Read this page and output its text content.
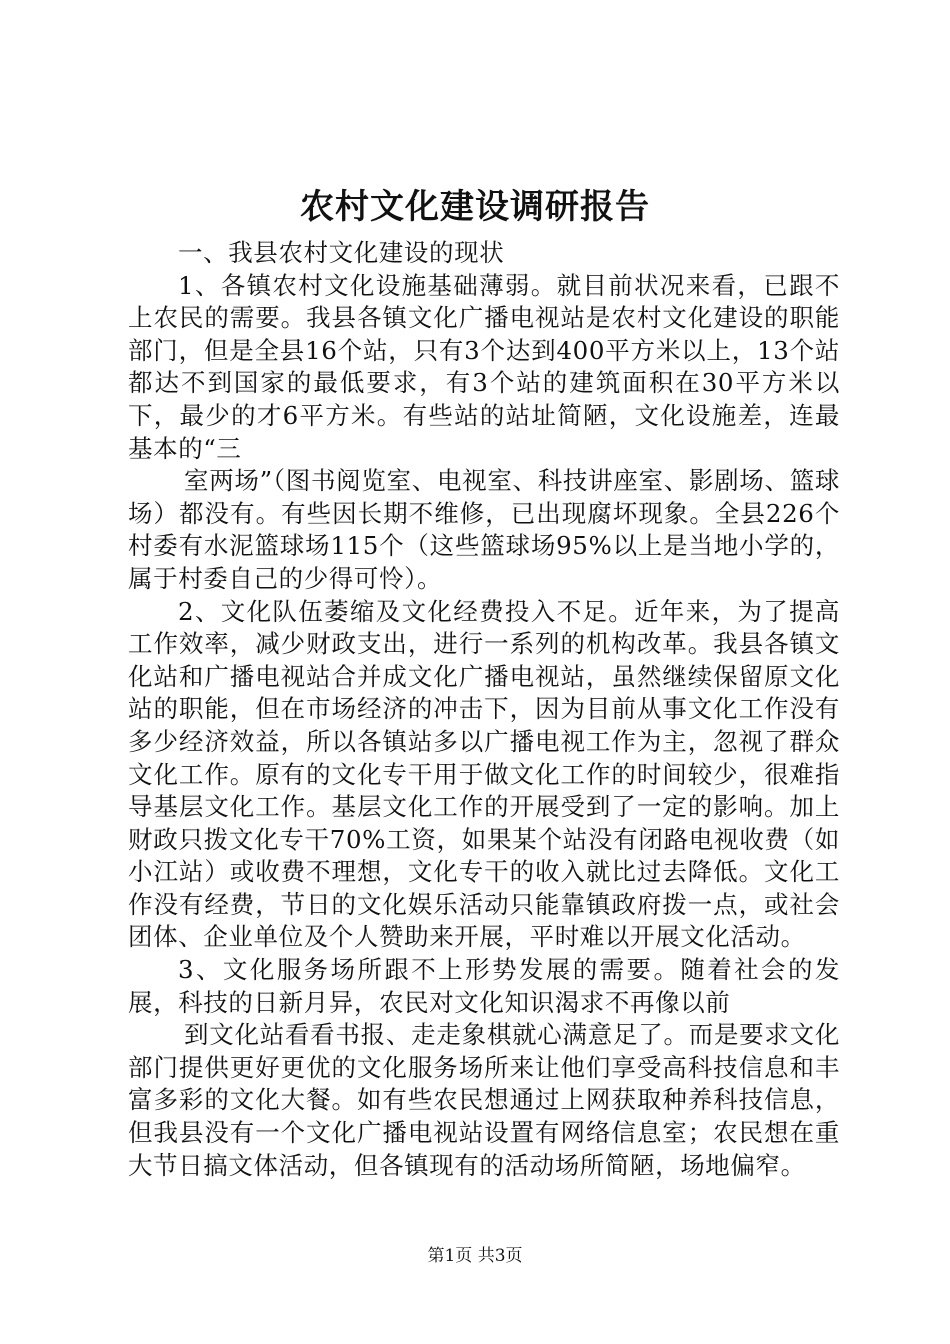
农村文化建设调研报告

一、我县农村文化建设的现状

1、各镇农村文化设施基础薄弱。就目前状况来看，已跟不上农民的需要。我县各镇文化广播电视站是农村文化建设的职能部门，但是全县16个站，只有3个达到400平方米以上，13个站都达不到国家的最低要求，有3个站的建筑面积在30平方米以下，最少的才6平方米。有些站的站址简陋，文化设施差，连最基本的“三

室两场”（图书阅览室、电视室、科技讲座室、影剧场、篮球场）都没有。有些因长期不维修，已出现腐坏现象。全县226个村委有水泥篮球场115个（这些篮球场95%以上是当地小学的，属于村委自己的少得可怜）。

2、文化队伍萎缩及文化经费投入不足。近年来，为了提高工作效率，减少财政支出，进行一系列的机构改革。我县各镇文化站和广播电视站合并成文化广播电视站，虽然继续保留原文化站的职能，但在市场经济的冲击下，因为目前从事文化工作没有多少经济效益，所以各镇站多以广播电视工作为主，忽视了群众文化工作。原有的文化专干用于做文化工作的时间较少，很难指导基层文化工作。基层文化工作的开展受到了一定的影响。加上财政只拨文化专干70%工资，如果某个站没有闭路电视收费（如小江站）或收费不理想，文化专干的收入就比过去降低。文化工作没有经费，节日的文化娱乐活动只能靠镇政府拨一点，或社会团体、企业单位及个人赞助来开展，平时难以开展文化活动。

3、文化服务场所跟不上形势发展的需要。随着社会的发展，科技的日新月异，农民对文化知识渴求不再像以前

到文化站看看书报、走走象棋就心满意足了。而是要求文化部门提供更好更优的文化服务场所来让他们享受高科技信息和丰富多彩的文化大餐。如有些农民想通过上网获取种养科技信息，但我县没有一个文化广播电视站设置有网络信息室；农民想在重大节日搞文体活动，但各镇现有的活动场所简陋，场地偏窄。

第1页 共3页
